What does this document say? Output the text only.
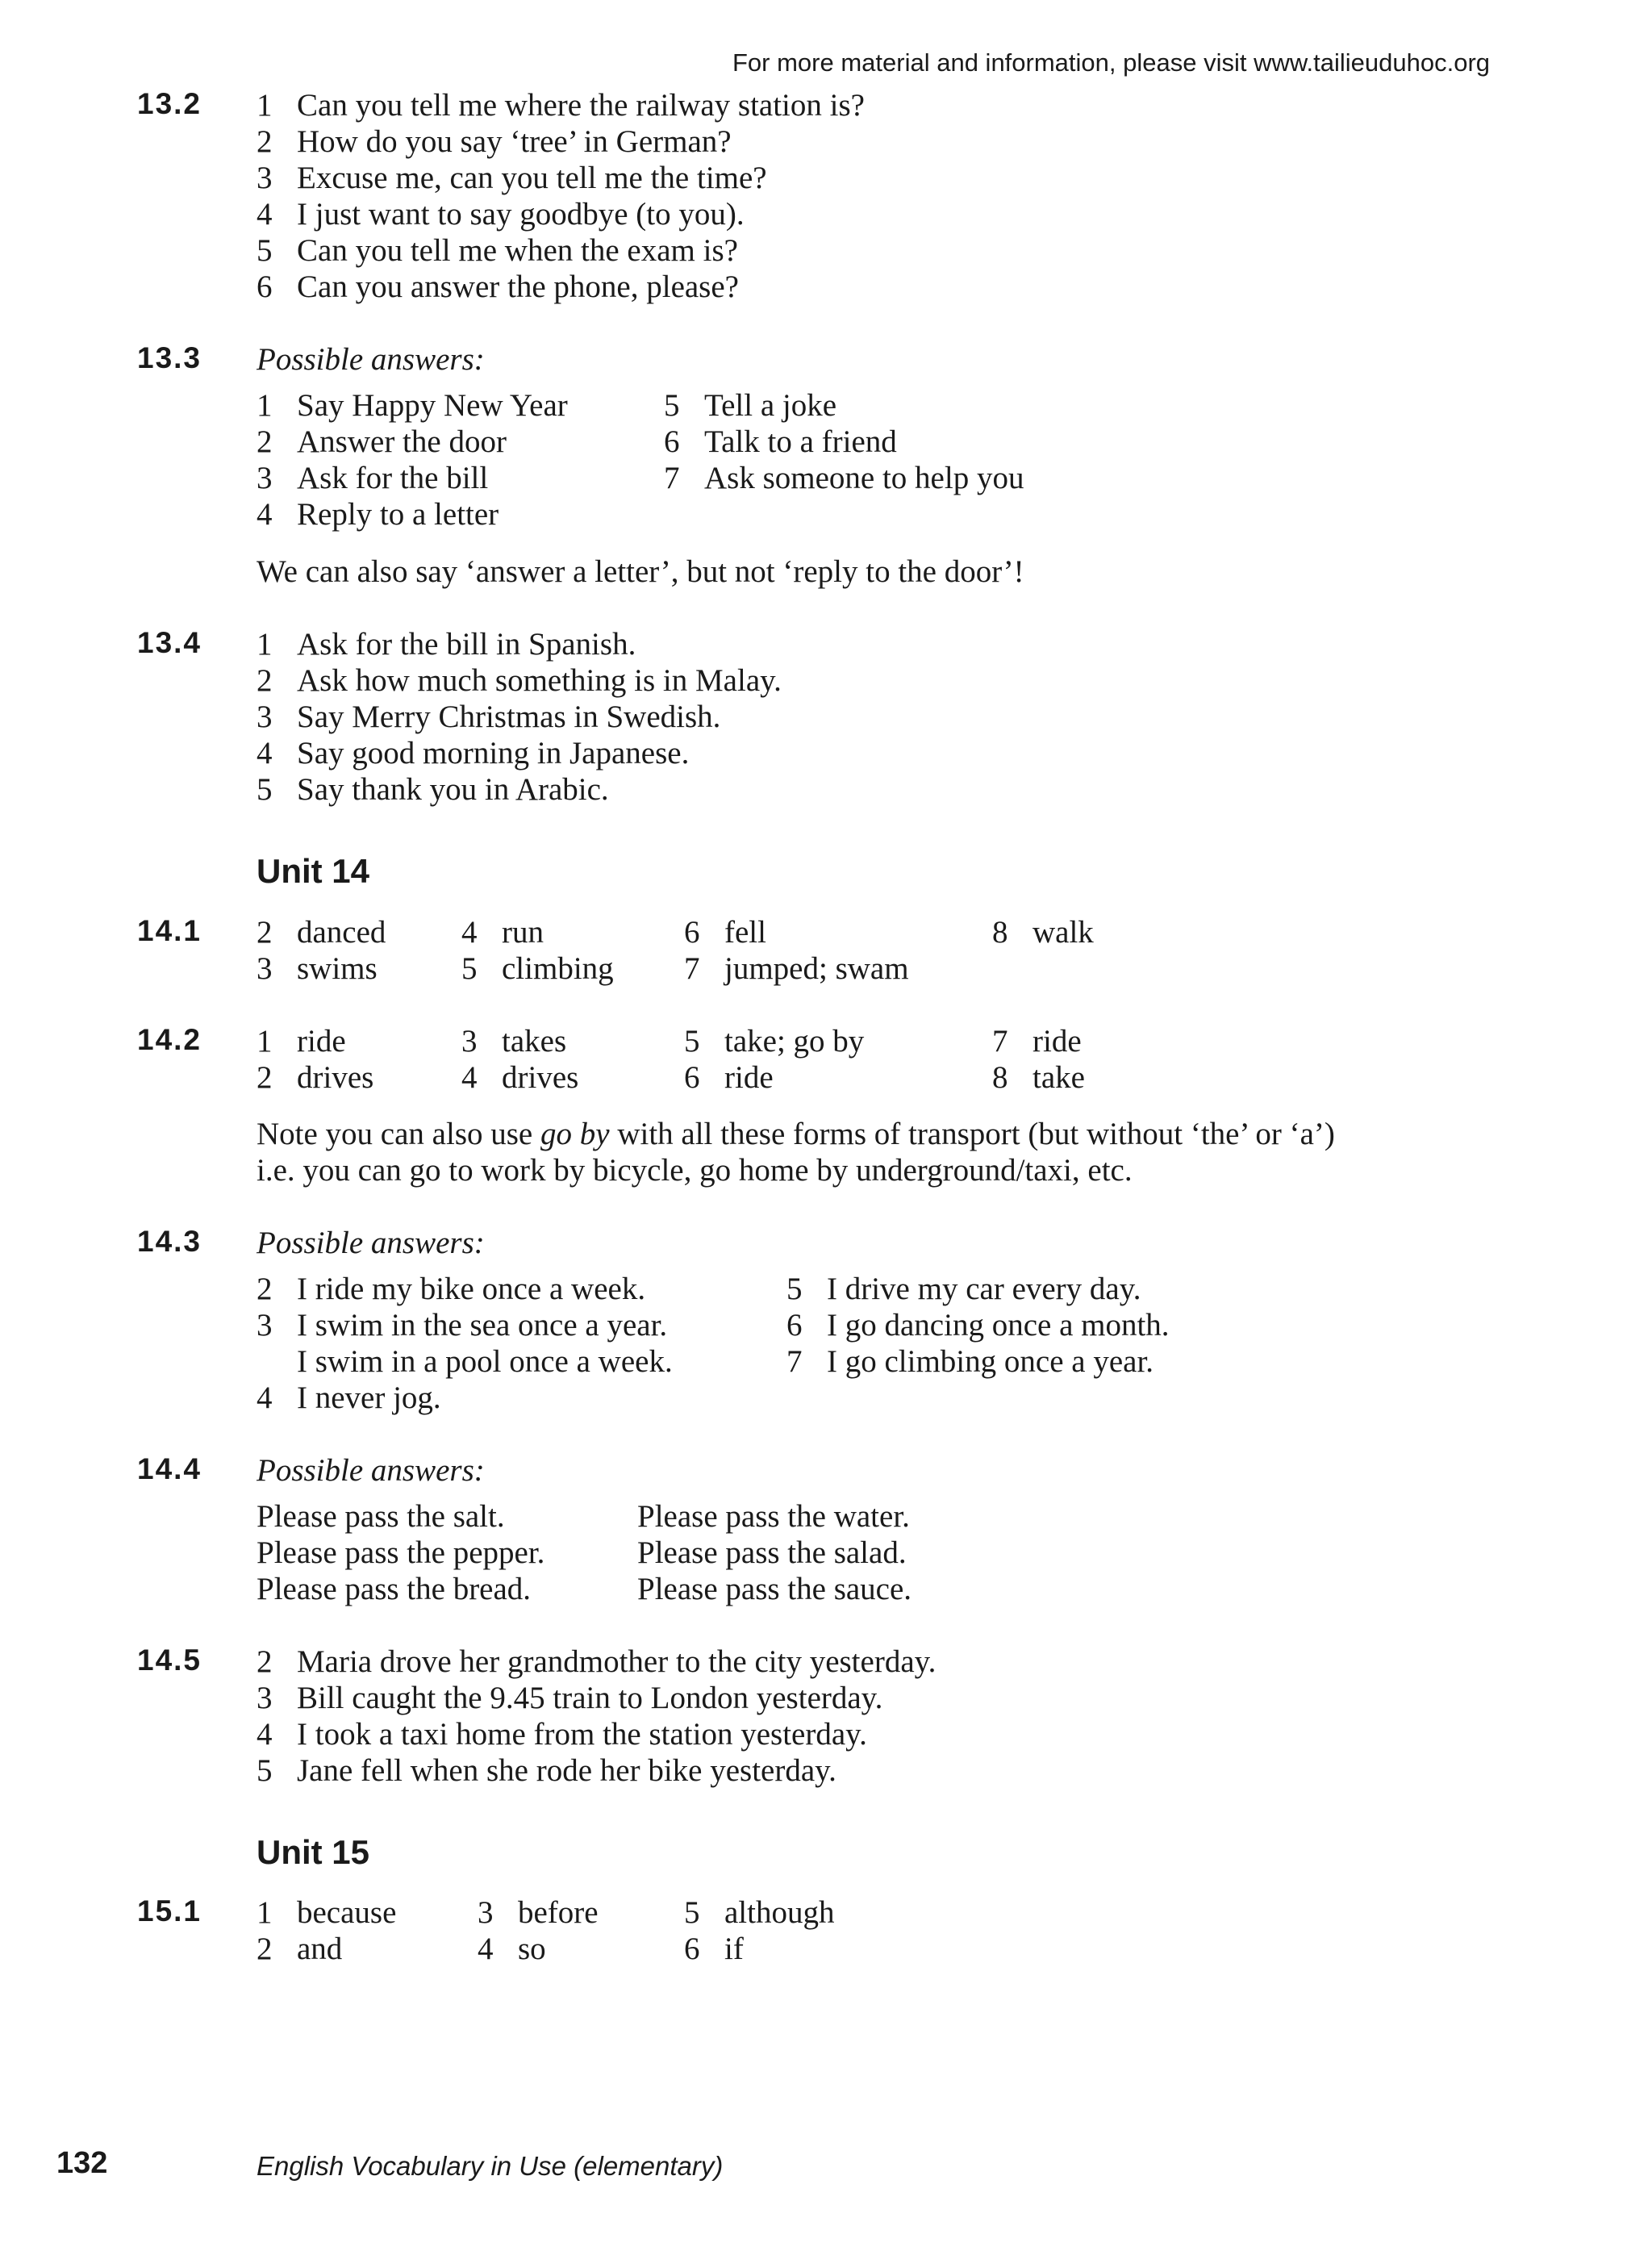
For more material and information, please visit www.tailieuduhoc.org
13.2 1 Can you tell me where the railway station is?
2 How do you say ‘tree’ in German?
3 Excuse me, can you tell me the time?
4 I just want to say goodbye (to you).
5 Can you tell me when the exam is?
6 Can you answer the phone, please?
13.3 Possible answers:
1 Say Happy New Year
2 Answer the door
3 Ask for the bill
4 Reply to a letter
5 Tell a joke
6 Talk to a friend
7 Ask someone to help you
We can also say ‘answer a letter’, but not ‘reply to the door’!
13.4 1 Ask for the bill in Spanish.
2 Ask how much something is in Malay.
3 Say Merry Christmas in Swedish.
4 Say good morning in Japanese.
5 Say thank you in Arabic.
Unit 14
14.1 2 danced
3 swims
4 run
5 climbing
6 fell
7 jumped; swam
8 walk
14.2 1 ride
2 drives
3 takes
4 drives
5 take; go by
6 ride
7 ride
8 take
Note you can also use go by with all these forms of transport (but without ‘the’ or ‘a’)
i.e. you can go to work by bicycle, go home by underground/taxi, etc.
14.3 Possible answers:
2 I ride my bike once a week.
3 I swim in the sea once a year.
I swim in a pool once a week.
4 I never jog.
5 I drive my car every day.
6 I go dancing once a month.
7 I go climbing once a year.
14.4 Possible answers:
Please pass the salt.
Please pass the pepper.
Please pass the bread.
Please pass the water.
Please pass the salad.
Please pass the sauce.
14.5 2 Maria drove her grandmother to the city yesterday.
3 Bill caught the 9.45 train to London yesterday.
4 I took a taxi home from the station yesterday.
5 Jane fell when she rode her bike yesterday.
Unit 15
15.1 1 because
2 and
3 before
4 so
5 although
6 if
132	English Vocabulary in Use (elementary)
